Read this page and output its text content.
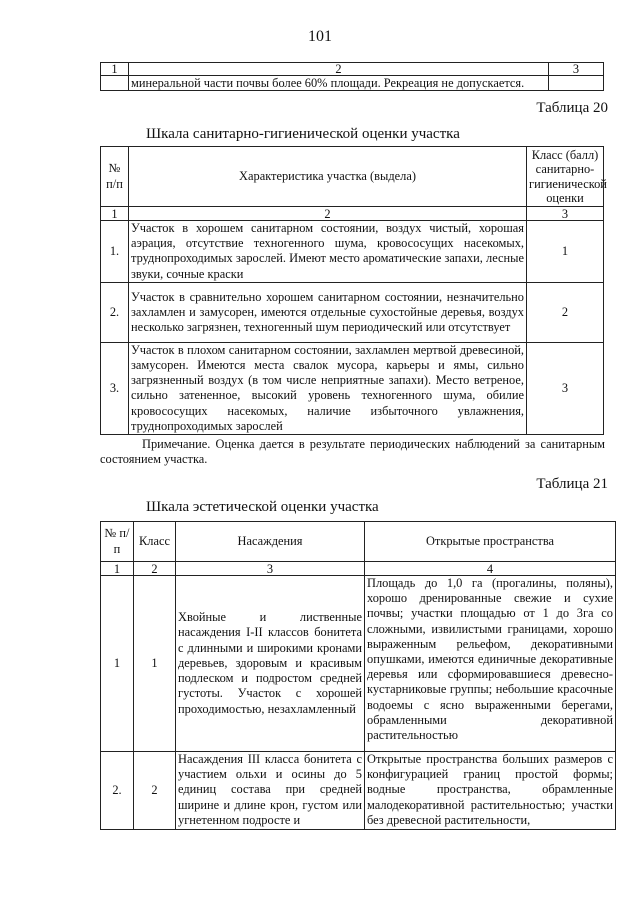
101
1	2	3
	минеральной части почвы более 60% площади. Рекреация не допускается.	
Таблица 20
Шкала санитарно-гигиенической оценки участка
№ п/п	Характеристика участка (выдела)	Класс (балл) санитарно-гигиенической оценки
1	2	3
1.	Участок в хорошем санитарном состоянии, воздух чистый, хорошая аэрация, отсутствие техногенного шума, кровососущих насекомых, труднопроходимых зарослей. Имеют место ароматические запахи, лесные звуки, сочные краски	1
2.	Участок в сравнительно хорошем санитарном состоянии, незначительно захламлен и замусорен, имеются отдельные сухостойные деревья, воздух несколько загрязнен, техногенный шум периодический или отсутствует	2
3.	Участок в плохом санитарном состоянии, захламлен мертвой древесиной, замусорен. Имеются места свалок мусора, карьеры и ямы, сильно загрязненный воздух (в том числе неприятные запахи). Место ветреное, сильно затененное, высокий уровень техногенного шума, обилие кровососущих насекомых, наличие избыточного увлажнения, труднопроходимых зарослей	3
Примечание. Оценка дается в результате периодических наблюдений за санитарным состоянием участка.
Таблица 21
Шкала эстетической оценки участка
№ п/п	Класс	Насаждения	Открытые пространства
1	2	3	4
1	1	Хвойные и лиственные насаждения I-II классов бонитета с длинными и широкими кронами деревьев, здоровым и красивым подлеском и подростом средней густоты. Участок с хорошей проходимостью, незахламленный	Площадь до 1,0 га (прогалины, поляны), хорошо дренированные свежие и сухие почвы; участки площадью от 1 до 3га со сложными, извилистыми границами, хорошо выраженным рельефом, декоративными опушками, имеются единичные декоративные деревья или сформировавшиеся древесно-кустарниковые группы; небольшие красочные водоемы с ясно выраженными берегами, обрамленными декоративной растительностью
2.	2	Насаждения III класса бонитета с участием ольхи и осины до 5 единиц состава при средней ширине и длине крон, густом или угнетенном подросте и	Открытые пространства больших размеров с конфигурацией границ простой формы; водные пространства, обрамленные малодекоративной растительностью; участки без древесной растительности,
